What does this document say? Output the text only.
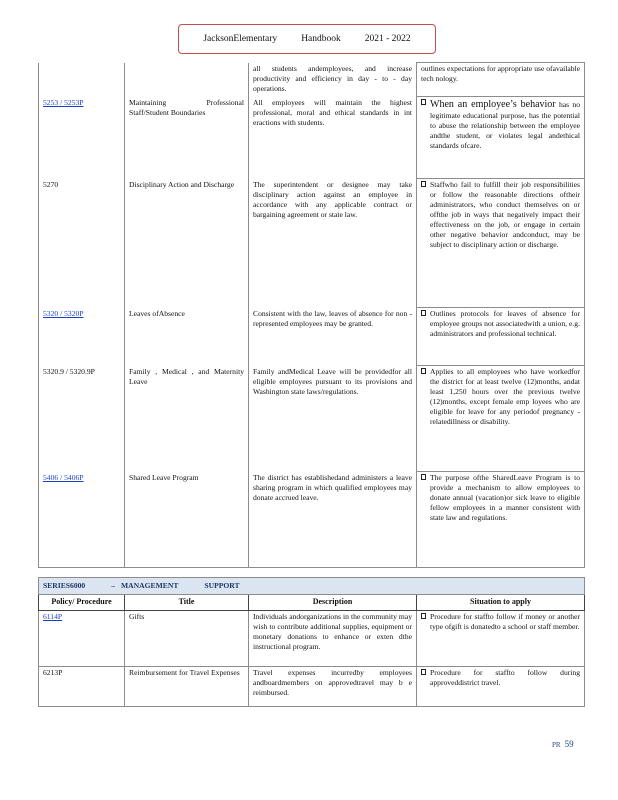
JacksonElementary	Handbook	2021 - 2022
		all students andemployees, and increase productivity and efficiency in day - to - day operations.	outlines expectations for appropriate use ofavailable tech nology.
5253 / 5253P	Maintaining Professional Staff/Student Boundaries	All employees will maintain the highest professional, moral and ethical standards in int eractions with students.	When an employee’s behavior has no legitimate educational purpose, has the potential to abuse the relationship between the employee andthe student, or violates legal andethical standards ofcare.

5270	Disciplinary Action and Discharge	The superintendent or designee may take disciplinary action against an employee in accordance with any applicable contract or bargaining agreement or state law.	Staffwho fail to fulfill their job responsibilities or follow the reasonable directions oftheir administrators, who conduct themselves on or offthe job in ways that negatively impact their effectiveness on the job, or engage in certain other negative behavior andconduct, may be subject to disciplinary action or discharge.

5320 / 5320P	Leaves ofAbsence	Consistent with the law, leaves of absence for non -represented employees may be granted.	Outlines protocols for leaves of absence for employee groups not associatedwith a union, e.g. administrators and professional technical.

5320.9 / 5320.9P	Family , Medical , and Maternity Leave	Family andMedical Leave will be providedfor all eligible employees pursuant to its provisions and Washington state laws/regulations.	Applies to all employees who have workedfor the district for at least twelve (12)months, andat least 1,250 hours over the previous twelve (12)months, except female emp loyees who are eligible for leave for any periodof pregnancy -relatedillness or disability.

5406 / 5406P	Shared Leave Program	The district has establishedand administers a leave sharing program in which qualified employees may donate accrued leave.	The purpose ofthe SharedLeave Program is to provide a mechanism to allow employees to donate annual (vacation)or sick leave to eligible fellow employees in a manner consistent with state law and regulations.

SERIES6000 – MANAGEMENT SUPPORT			
Policy/ Procedure	Title	Description	Situation to apply
6114P	Gifts	Individuals andorganizations in the community may wish to contribute additional supplies, equipment or monetary donations to enhance or exten dthe instructional program.	Procedure for staffto follow if money or another type ofgift is donatedto a school or staff member.

6213P	Reimbursement for Travel Expenses	Travel expenses incurredby employees andboardmembers on approvedtravel may b e reimbursed.	Procedure for staffto follow during approveddistrict travel.
PR 59
